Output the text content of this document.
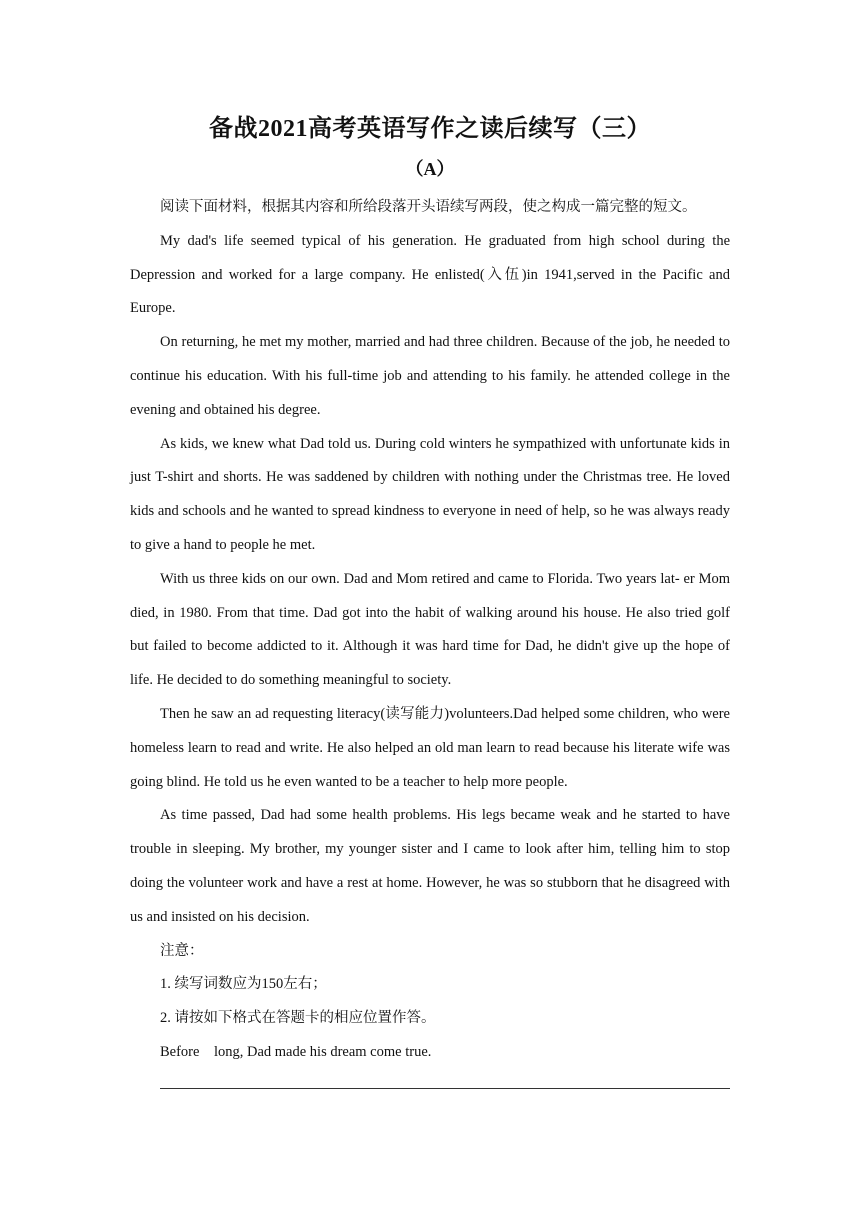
备战2021高考英语写作之读后续写（三）
（A）

阅读下面材料，根据其内容和所给段落开头语续写两段，使之构成一篇完整的短文。

My dad's life seemed typical of his generation. He graduated from high school during the Depression and worked for a large company. He enlisted(入伍)in 1941,served in the Pacific and Europe.

On returning, he met my mother, married and had three children. Because of the job, he needed to continue his education. With his full-time job and attending to his family. he attended college in the evening and obtained his degree.

As kids, we knew what Dad told us. During cold winters he sympathized with unfortunate kids in just T-shirt and shorts. He was saddened by children with nothing under the Christmas tree. He loved kids and schools and he wanted to spread kindness to everyone in need of help, so he was always ready to give a hand to people he met.

With us three kids on our own. Dad and Mom retired and came to Florida. Two years lat- er Mom died, in 1980. From that time. Dad got into the habit of walking around his house. He also tried golf but failed to become addicted to it. Although it was hard time for Dad, he didn't give up the hope of life. He decided to do something meaningful to society.

Then he saw an ad requesting literacy(读写能力)volunteers.Dad helped some children, who were homeless learn to read and write. He also helped an old man learn to read because his literate wife was going blind. He told us he even wanted to be a teacher to help more people.

As time passed, Dad had some health problems. His legs became weak and he started to have trouble in sleeping. My brother, my younger sister and I came to look after him, telling him to stop doing the volunteer work and have a rest at home. However, he was so stubborn that he disagreed with us and insisted on his decision.

注意：

1. 续写词数应为150左右；

2. 请按如下格式在答题卡的相应位置作答。

Before    long, Dad made his dream come true.
